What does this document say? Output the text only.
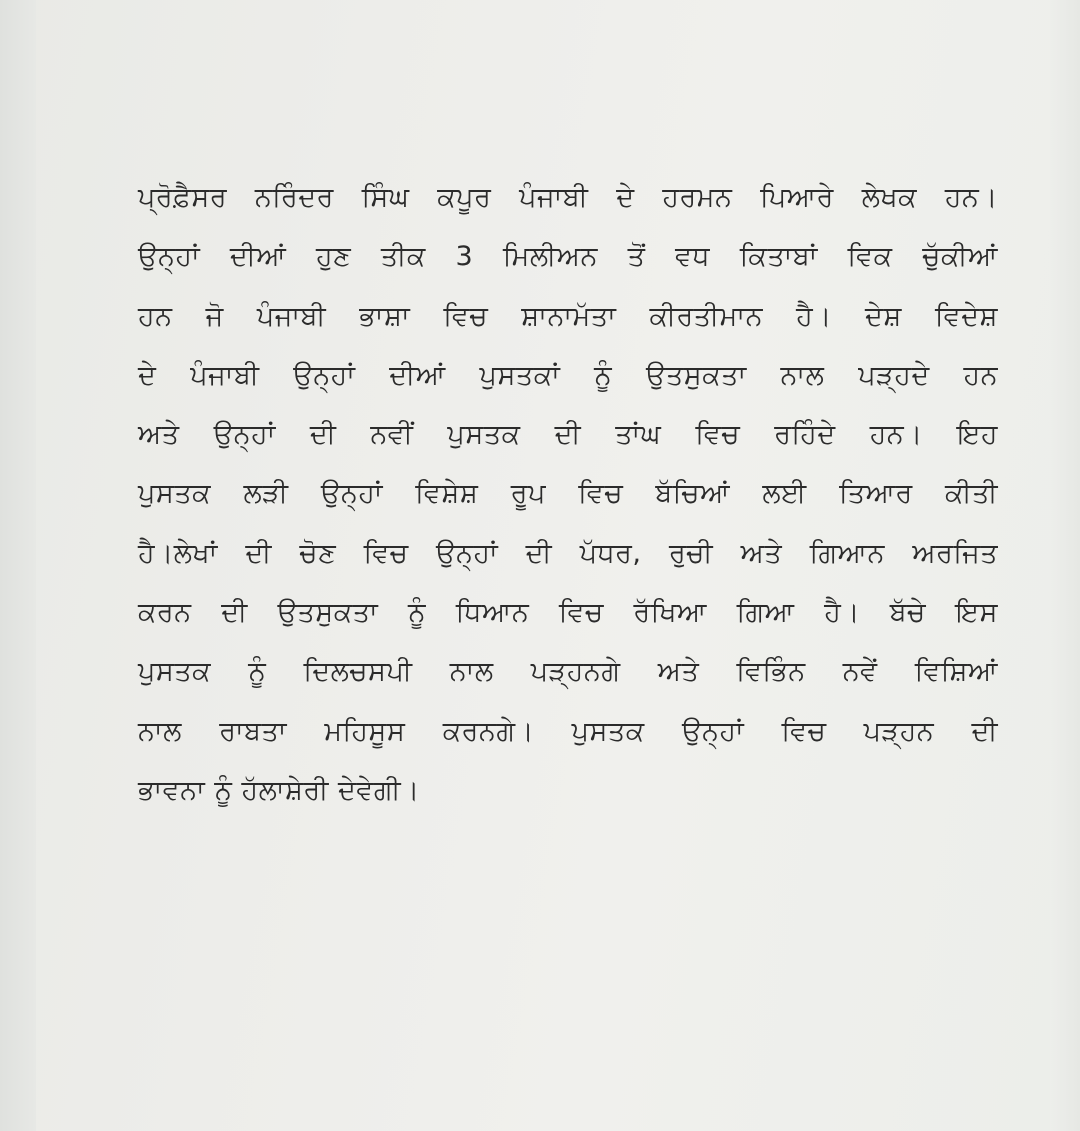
ਪ੍ਰੋਫ਼ੈਸਰ ਨਰਿੰਦਰ ਸਿੰਘ ਕਪੂਰ ਪੰਜਾਬੀ ਦੇ ਹਰਮਨ ਪਿਆਰੇ ਲੇਖਕ ਹਨ।
ਉਨ੍ਹਾਂ ਦੀਆਂ ਹੁਣ ਤੀਕ 3 ਮਿਲੀਅਨ ਤੋਂ ਵਧ ਕਿਤਾਬਾਂ ਵਿਕ ਚੁੱਕੀਆਂ
ਹਨ ਜੋ ਪੰਜਾਬੀ ਭਾਸ਼ਾ ਵਿਚ ਸ਼ਾਨਾਮੱਤਾ ਕੀਰਤੀਮਾਨ ਹੈ। ਦੇਸ਼ ਵਿਦੇਸ਼
ਦੇ ਪੰਜਾਬੀ ਉਨ੍ਹਾਂ ਦੀਆਂ ਪੁਸਤਕਾਂ ਨੂੰ ਉਤਸੁਕਤਾ ਨਾਲ ਪੜ੍ਹਦੇ ਹਨ
ਅਤੇ ਉਨ੍ਹਾਂ ਦੀ ਨਵੀਂ ਪੁਸਤਕ ਦੀ ਤਾਂਘ ਵਿਚ ਰਹਿੰਦੇ ਹਨ। ਇਹ
ਪੁਸਤਕ ਲੜੀ ਉਨ੍ਹਾਂ ਵਿਸ਼ੇਸ਼ ਰੂਪ ਵਿਚ ਬੱਚਿਆਂ ਲਈ ਤਿਆਰ ਕੀਤੀ
ਹੈ।ਲੇਖਾਂ ਦੀ ਚੋਣ ਵਿਚ ਉਨ੍ਹਾਂ ਦੀ ਪੱਧਰ, ਰੁਚੀ ਅਤੇ ਗਿਆਨ ਅਰਜਿਤ
ਕਰਨ ਦੀ ਉਤਸੁਕਤਾ ਨੂੰ ਧਿਆਨ ਵਿਚ ਰੱਖਿਆ ਗਿਆ ਹੈ। ਬੱਚੇ ਇਸ
ਪੁਸਤਕ ਨੂੰ ਦਿਲਚਸਪੀ ਨਾਲ ਪੜ੍ਹਨਗੇ ਅਤੇ ਵਿਭਿੰਨ ਨਵੇਂ ਵਿਸ਼ਿਆਂ
ਨਾਲ ਰਾਬਤਾ ਮਹਿਸੂਸ ਕਰਨਗੇ। ਪੁਸਤਕ ਉਨ੍ਹਾਂ ਵਿਚ ਪੜ੍ਹਨ ਦੀ
ਭਾਵਨਾ ਨੂੰ ਹੱਲਾਸ਼ੇਰੀ ਦੇਵੇਗੀ।
